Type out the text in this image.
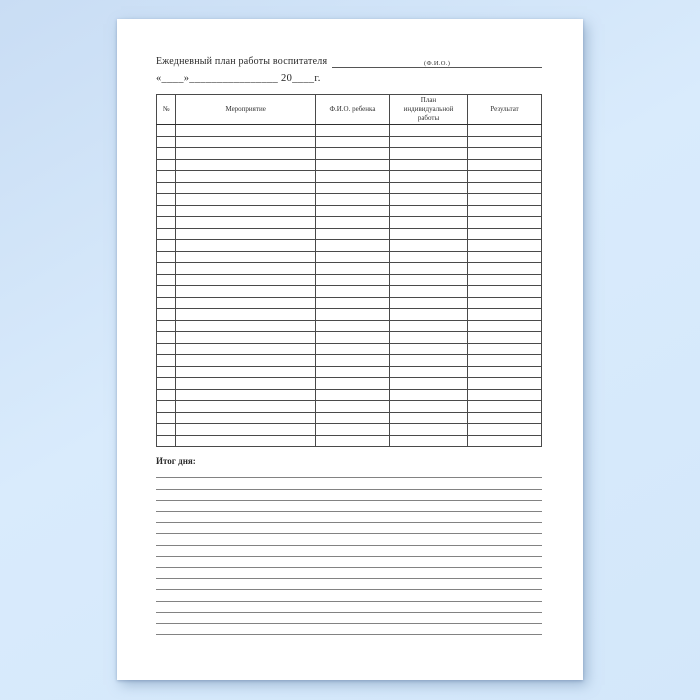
Ежедневный план работы воспитателя	(Ф.И.О.)
«____»________________ 20____г.
№	Мероприятие	Ф.И.О. ребенка	План индивидуальной работы	Результат

Итог дня:
